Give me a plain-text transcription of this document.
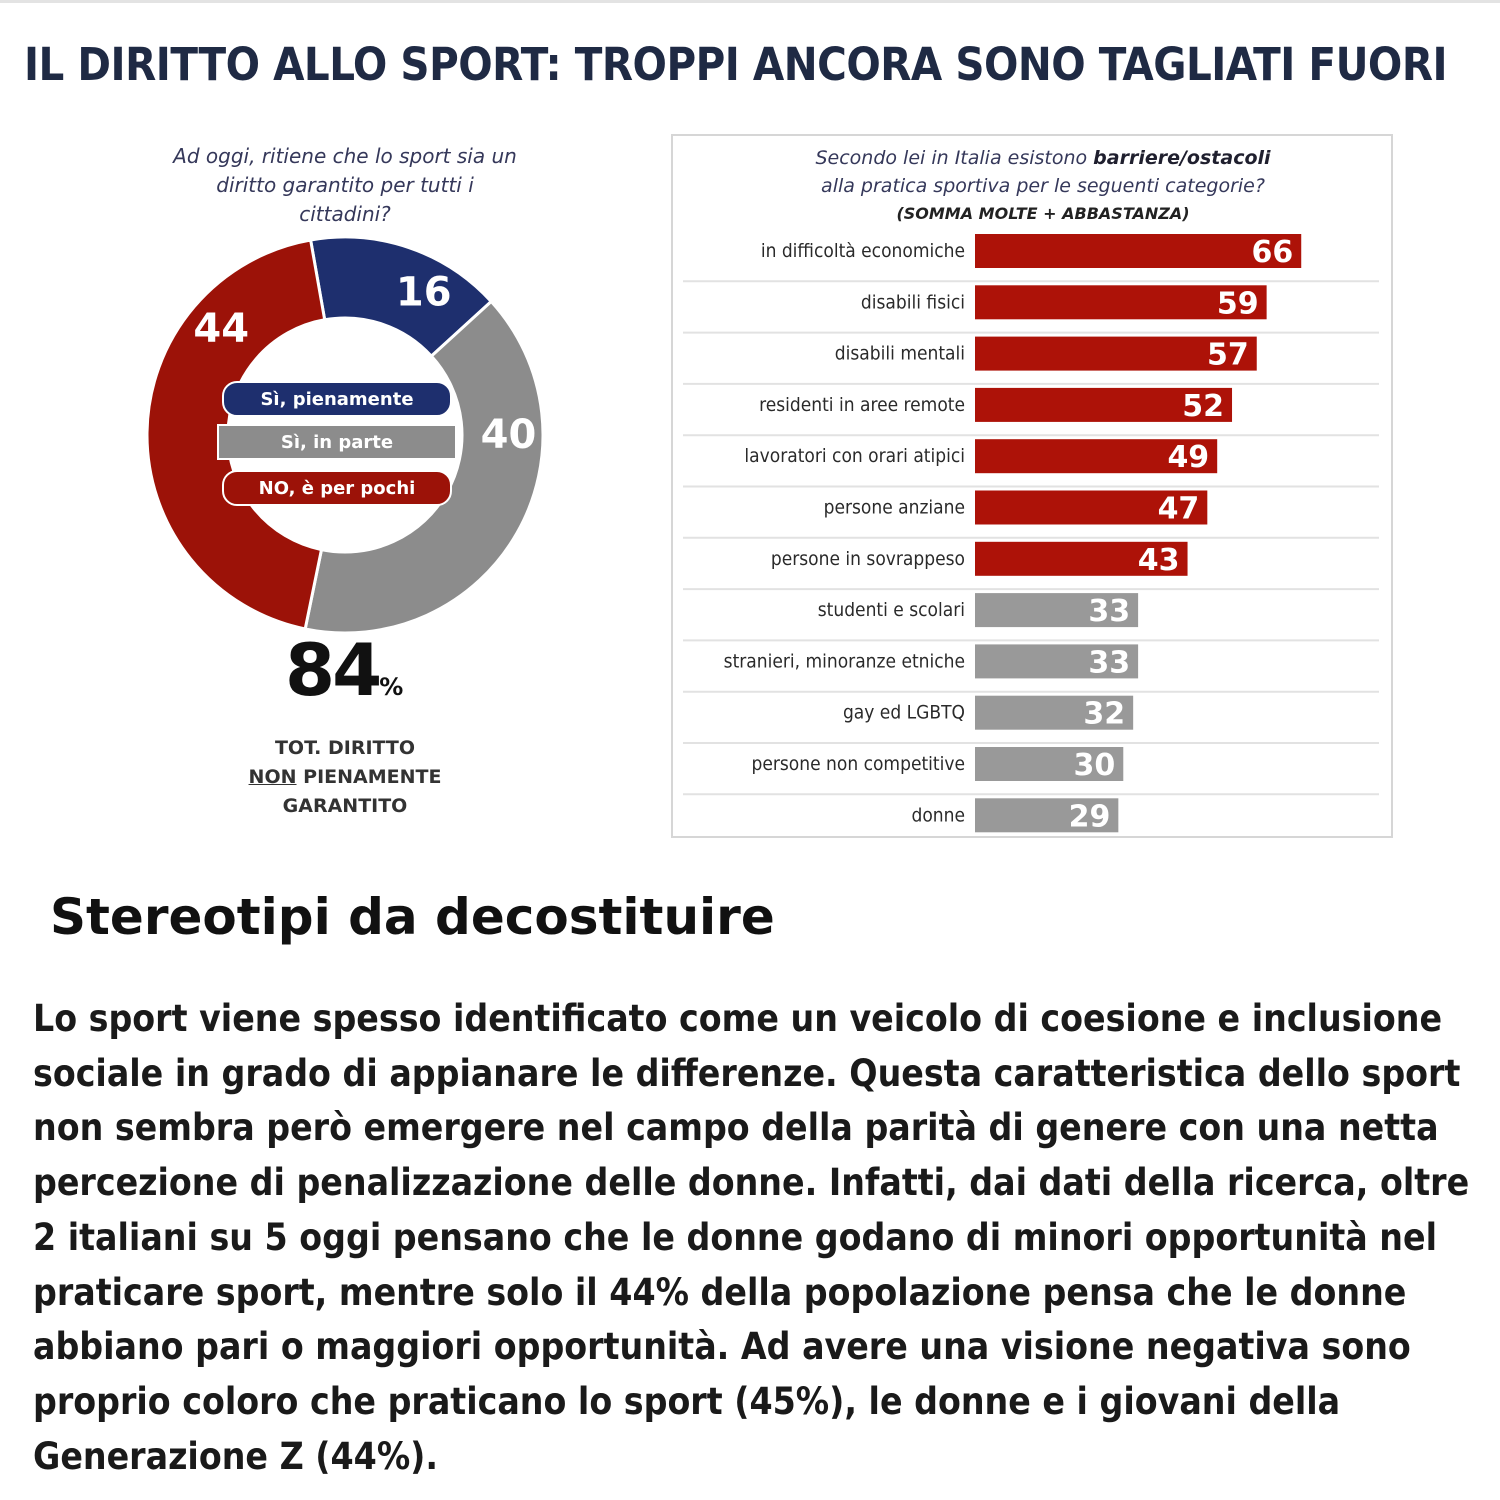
IL DIRITTO ALLO SPORT: TROPPI ANCORA SONO TAGLIATI FUORI
Ad oggi, ritiene che lo sport sia un diritto garantito per tutti i cittadini?
16
40
44
Sì, pienamente
Sì, in parte
NO, è per pochi
84%
TOT. DIRITTO
NON PIENAMENTE
GARANTITO
Secondo lei in Italia esistono barriere/ostacoli
alla pratica sportiva per le seguenti categorie?
(SOMMA MOLTE + ABBASTANZA)
in difficoltà economiche	66
disabili fisici	59
disabili mentali	57
residenti in aree remote	52
lavoratori con orari atipici	49
persone anziane	47
persone in sovrappeso	43
studenti e scolari	33
stranieri, minoranze etniche	33
gay ed LGBTQ	32
persone non competitive	30
donne	29
Stereotipi da decostituire
Lo sport viene spesso identificato come un veicolo di coesione e inclusione sociale in grado di appianare le differenze. Questa caratteristica dello sport non sembra però emergere nel campo della parità di genere con una netta percezione di penalizzazione delle donne. Infatti, dai dati della ricerca, oltre 2 italiani su 5 oggi pensano che le donne godano di minori opportunità nel praticare sport, mentre solo il 44% della popolazione pensa che le donne abbiano pari o maggiori opportunità. Ad avere una visione negativa sono proprio coloro che praticano lo sport (45%), le donne e i giovani della Generazione Z (44%).
